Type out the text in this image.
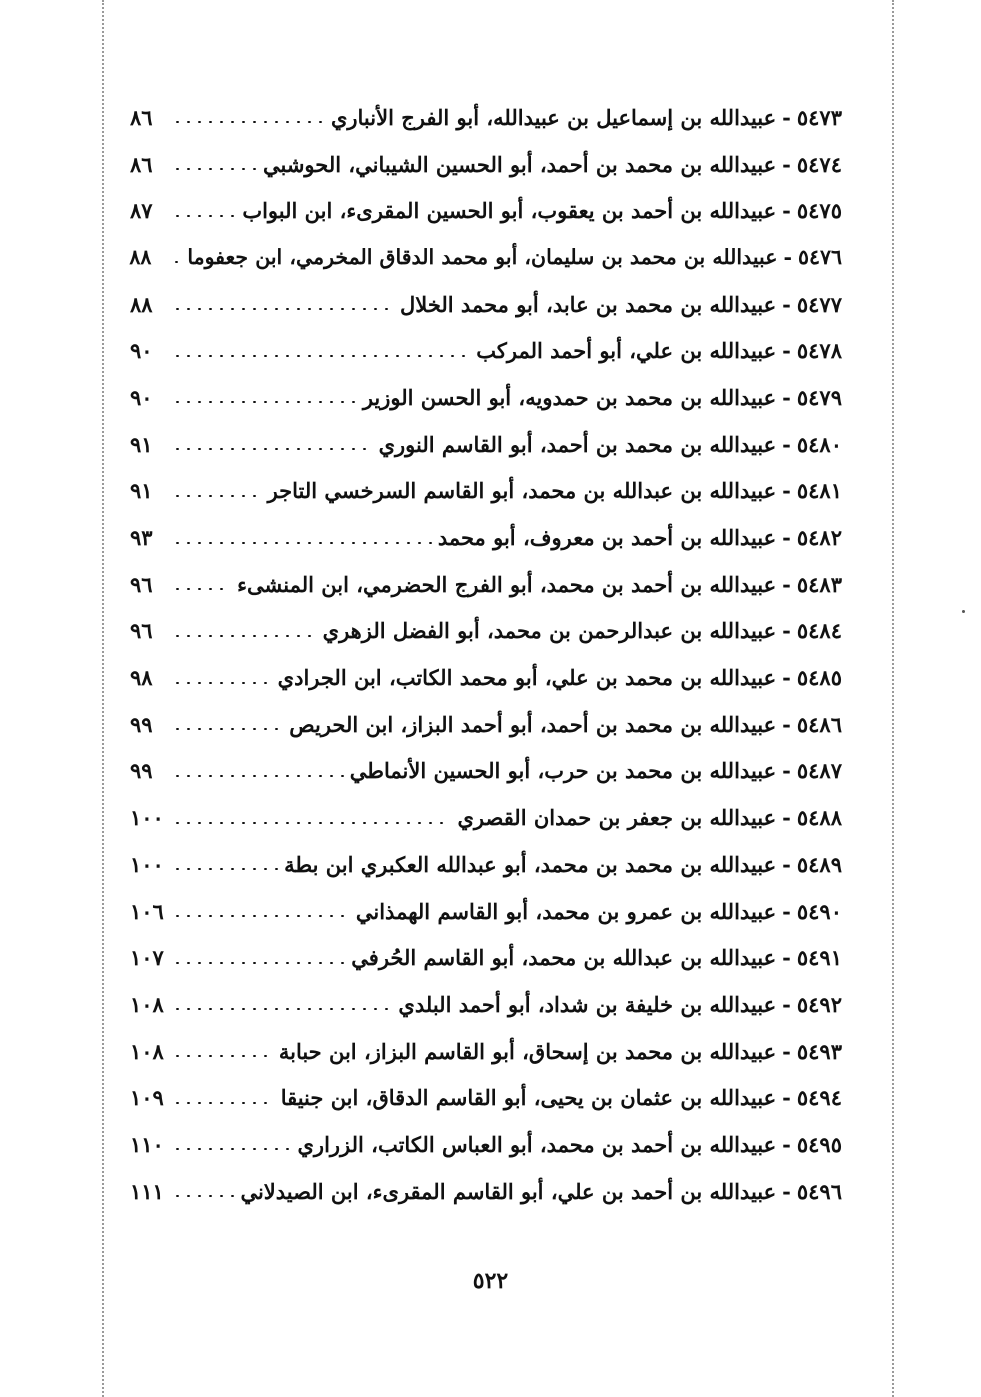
٥٤٧٣
-
عبيدالله بن إسماعيل بن عبيدالله، أبو الفرج الأنباري
٨٦
٥٤٧٤
-
عبيدالله بن محمد بن أحمد، أبو الحسين الشيباني، الحوشبي
٨٦
٥٤٧٥
-
عبيدالله بن أحمد بن يعقوب، أبو الحسين المقرىء، ابن البواب
٨٧
٥٤٧٦
-
عبيدالله بن محمد بن سليمان، أبو محمد الدقاق المخرمي، ابن جعفوما
٨٨
٥٤٧٧
-
عبيدالله بن محمد بن عابد، أبو محمد الخلال
٨٨
٥٤٧٨
-
عبيدالله بن علي، أبو أحمد المركب
٩٠
٥٤٧٩
-
عبيدالله بن محمد بن حمدويه، أبو الحسن الوزير
٩٠
٥٤٨٠
-
عبيدالله بن محمد بن أحمد، أبو القاسم النوري
٩١
٥٤٨١
-
عبيدالله بن عبدالله بن محمد، أبو القاسم السرخسي التاجر
٩١
٥٤٨٢
-
عبيدالله بن أحمد بن معروف، أبو محمد
٩٣
٥٤٨٣
-
عبيدالله بن أحمد بن محمد، أبو الفرج الحضرمي، ابن المنشىء
٩٦
٥٤٨٤
-
عبيدالله بن عبدالرحمن بن محمد، أبو الفضل الزهري
٩٦
٥٤٨٥
-
عبيدالله بن محمد بن علي، أبو محمد الكاتب، ابن الجرادي
٩٨
٥٤٨٦
-
عبيدالله بن محمد بن أحمد، أبو أحمد البزاز، ابن الحريص
٩٩
٥٤٨٧
-
عبيدالله بن محمد بن حرب، أبو الحسين الأنماطي
٩٩
٥٤٨٨
-
عبيدالله بن جعفر بن حمدان القصري
١٠٠
٥٤٨٩
-
عبيدالله بن محمد بن محمد، أبو عبدالله العكبري ابن بطة
١٠٠
٥٤٩٠
-
عبيدالله بن عمرو بن محمد، أبو القاسم الهمذاني
١٠٦
٥٤٩١
-
عبيدالله بن عبدالله بن محمد، أبو القاسم الحُرفي
١٠٧
٥٤٩٢
-
عبيدالله بن خليفة بن شداد، أبو أحمد البلدي
١٠٨
٥٤٩٣
-
عبيدالله بن محمد بن إسحاق، أبو القاسم البزاز، ابن حبابة
١٠٨
٥٤٩٤
-
عبيدالله بن عثمان بن يحيى، أبو القاسم الدقاق، ابن جنيقا
١٠٩
٥٤٩٥
-
عبيدالله بن أحمد بن محمد، أبو العباس الكاتب، الزراري
١١٠
٥٤٩٦
-
عبيدالله بن أحمد بن علي، أبو القاسم المقرىء، ابن الصيدلاني
١١١
٥٢٢
